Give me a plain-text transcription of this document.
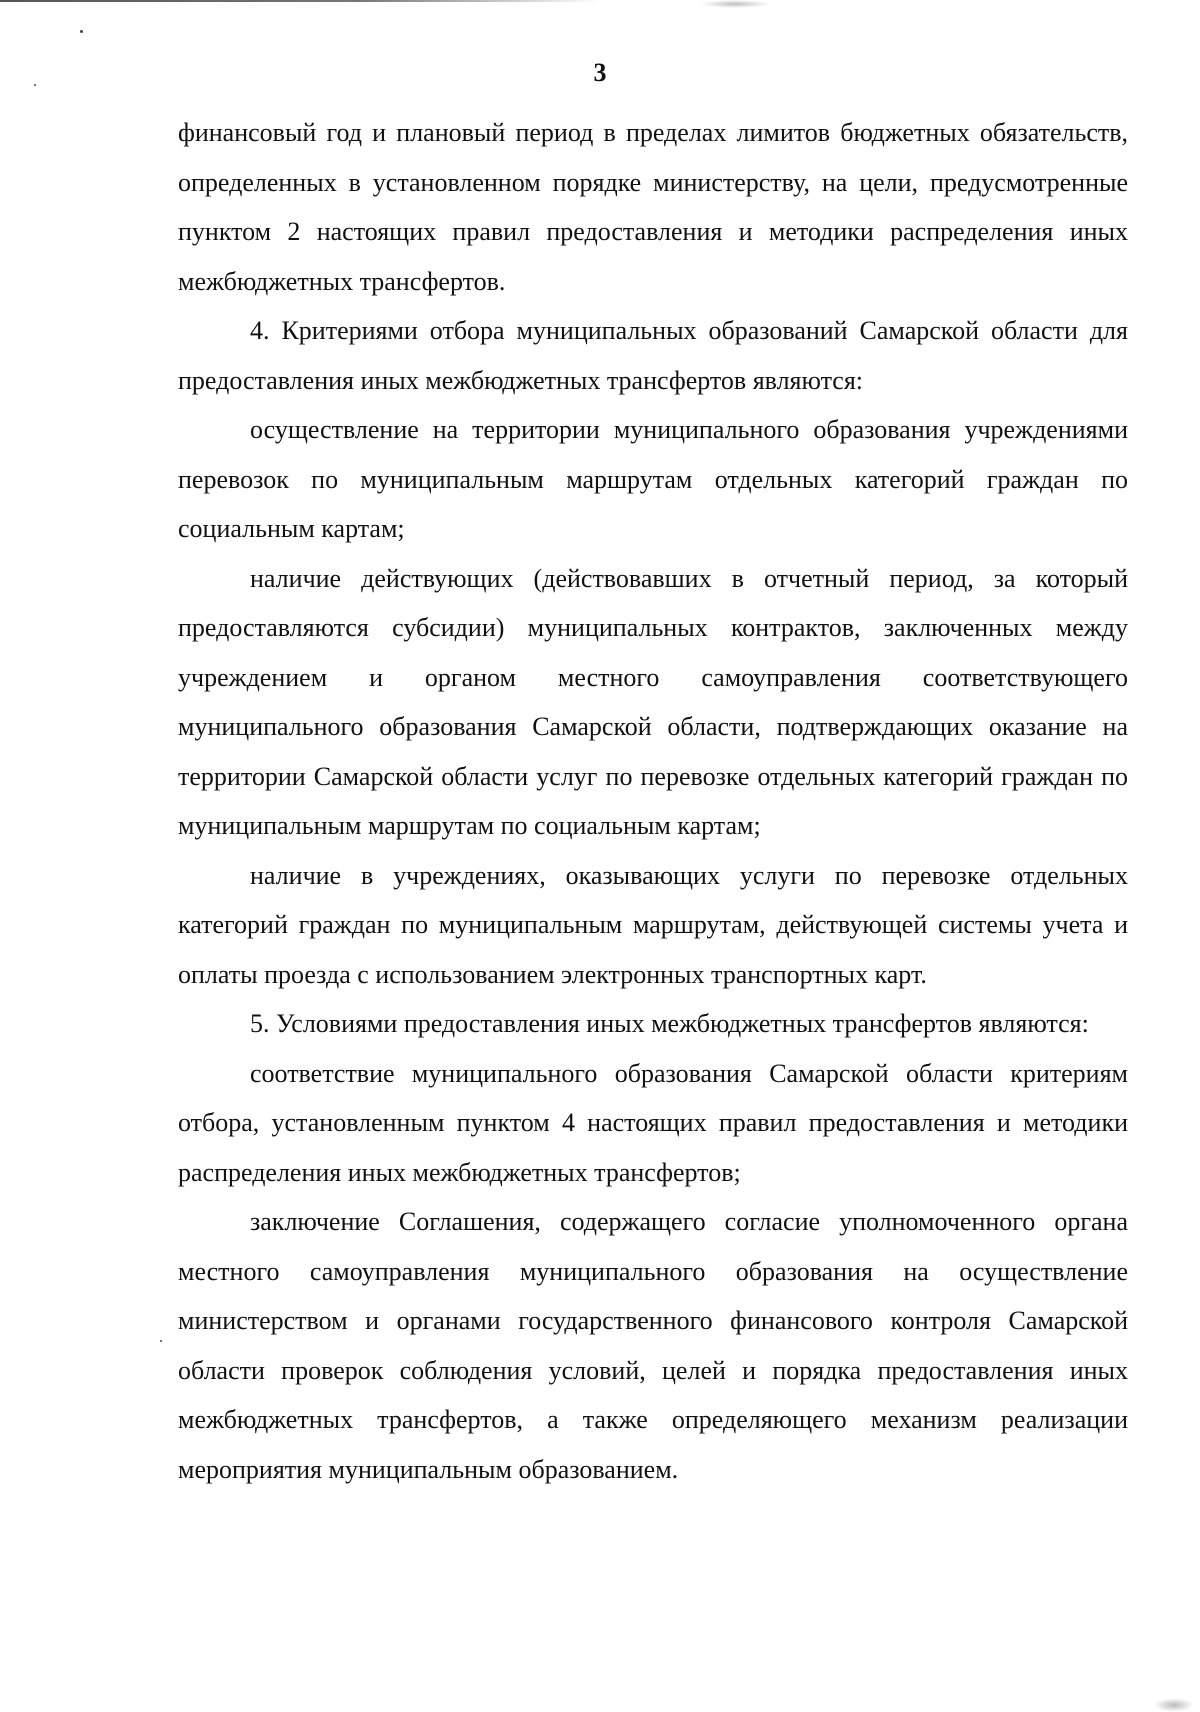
3

финансовый год и плановый период в пределах лимитов бюджетных обязательств, определенных в установленном порядке министерству, на цели, предусмотренные пунктом 2 настоящих правил предоставления и методики распределения иных межбюджетных трансфертов.

4. Критериями отбора муниципальных образований Самарской области для предоставления иных межбюджетных трансфертов являются:

осуществление на территории муниципального образования учреждениями перевозок по муниципальным маршрутам отдельных категорий граждан по социальным картам;

наличие действующих (действовавших в отчетный период, за который предоставляются субсидии) муниципальных контрактов, заключенных между учреждением и органом местного самоуправления соответствующего муниципального образования Самарской области, подтверждающих оказание на территории Самарской области услуг по перевозке отдельных категорий граждан по муниципальным маршрутам по социальным картам;

наличие в учреждениях, оказывающих услуги по перевозке отдельных категорий граждан по муниципальным маршрутам, действующей системы учета и оплаты проезда с использованием электронных транспортных карт.

5. Условиями предоставления иных межбюджетных трансфертов являются:

соответствие муниципального образования Самарской области критериям отбора, установленным пунктом 4 настоящих правил предоставления и методики распределения иных межбюджетных трансфертов;

заключение Соглашения, содержащего согласие уполномоченного органа местного самоуправления муниципального образования на осуществление министерством и органами государственного финансового контроля Самарской области проверок соблюдения условий, целей и порядка предоставления иных межбюджетных трансфертов, а также определяющего механизм реализации мероприятия муниципальным образованием.
